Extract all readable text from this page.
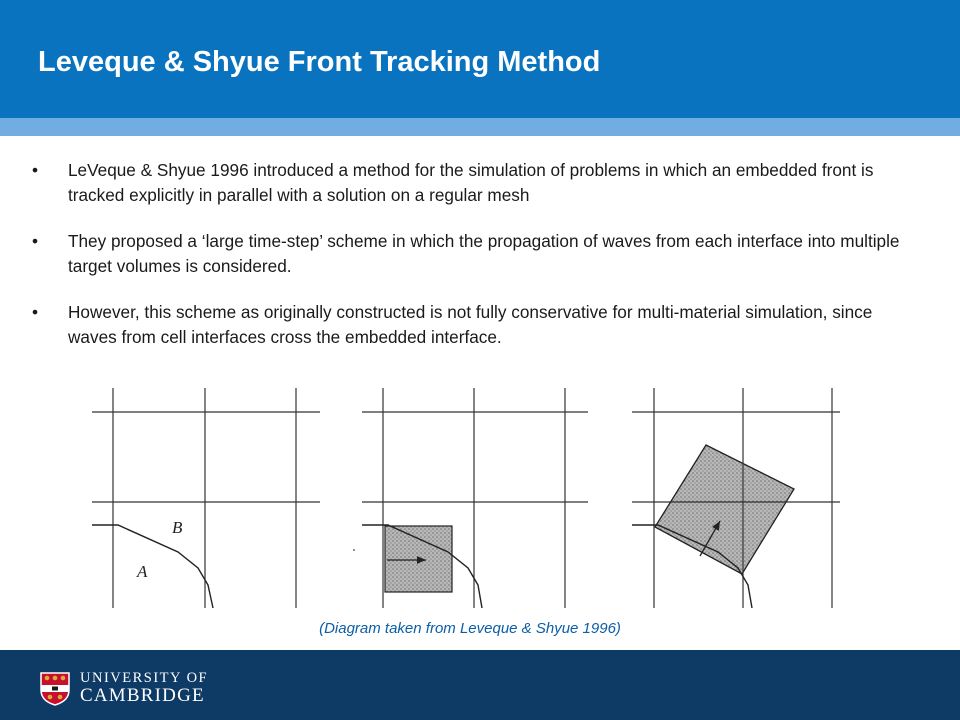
Leveque & Shyue Front Tracking Method
• LeVeque & Shyue 1996 introduced a method for the simulation of problems in which an embedded front is tracked explicitly in parallel with a solution on a regular mesh
• They proposed a ‘large time-step’ scheme in which the propagation of waves from each interface into multiple target volumes is considered.
• However, this scheme as originally constructed is not fully conservative for multi-material simulation, since waves from cell interfaces cross the embedded interface.
B
A
(Diagram taken from Leveque & Shyue 1996)
UNIVERSITY OF
CAMBRIDGE
